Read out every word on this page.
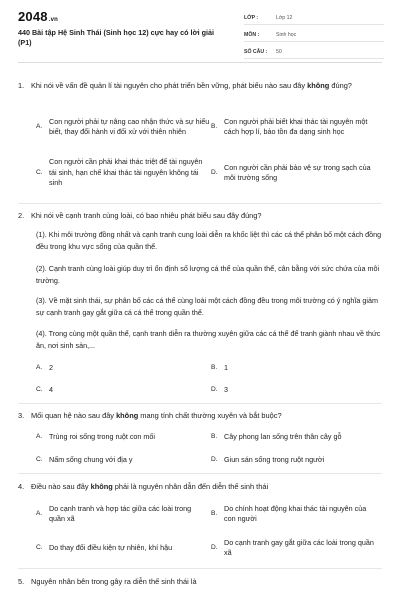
2048.vn
440 Bài tập Hệ Sinh Thái (Sinh học 12) cực hay có lời giải (P1)
LỚP :	Lớp 12
MÔN :	Sinh học
SỐ CÂU :	50
1. Khi nói về vấn đề quản lí tài nguyên cho phát triển bền vững, phát biểu nào sau đây không đúng?
A.
Con người phải tự nâng cao nhận thức và sự hiểu biết, thay đổi hành vi đối xử với thiên nhiên
B.
Con người phải biết khai thác tài nguyên một cách hợp lí, bảo tồn đa dạng sinh học
C.
Con người cần phải khai thác triệt để tài nguyên tái sinh, hạn chế khai thác tài nguyên không tái sinh
D.
Con người cần phải bảo vệ sự trong sạch của môi trường sống
2. Khi nói về cạnh tranh cùng loài, có bao nhiêu phát biểu sau đây đúng?
(1). Khi môi trường đồng nhất và cạnh tranh cung loài diễn ra khốc liệt thì các cá thể phân bố một cách đồng đều trong khu vực sống của quần thể.
(2). Cạnh tranh cùng loài giúp duy trì ổn định số lượng cá thể của quần thể, cân bằng với sức chứa của môi trường.
(3). Về mặt sinh thái, sự phân bố các cá thể cùng loài một cách đồng đều trong môi trường có ý nghĩa giảm sự cạnh tranh gay gắt giữa cá cá thể trong quần thể.
(4). Trong cùng một quần thể, cạnh tranh diễn ra thường xuyên giữa các cá thể để tranh giành nhau về thức ăn, nơi sinh sản,...
A. 2	B. 1
C. 4	D. 3
3. Mối quan hệ nào sau đây không mang tính chất thường xuyên và bắt buộc?
A. Trùng roi sống trong ruột con mối	B. Cây phong lan sống trên thân cây gỗ
C. Nấm sống chung với địa y	D. Giun sán sống trong ruột người
4. Điều nào sau đây không phải là nguyên nhân dẫn đến diễn thế sinh thái
A.
Do cạnh tranh và hợp tác giữa các loài trong quần xã
B.
Do chính hoạt động khai thác tài nguyên của con người
C. Do thay đổi điều kiện tự nhiên, khí hậu	D.
Do cạnh tranh gay gắt giữa các loài trong quần xã
5. Nguyên nhân bên trong gây ra diễn thế sinh thái là
